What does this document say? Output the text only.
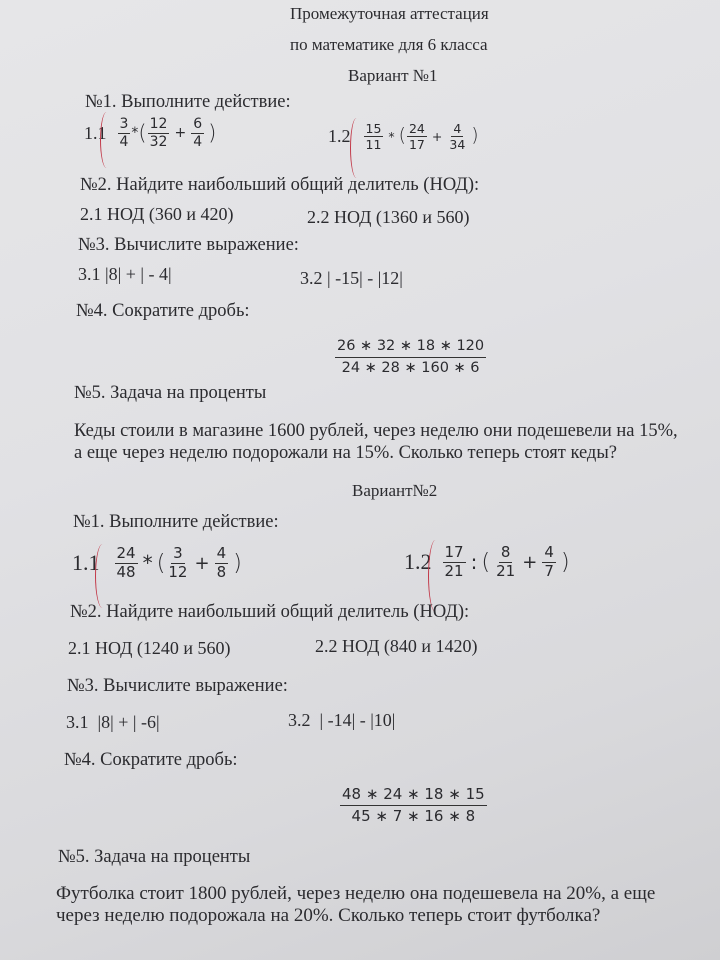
Промежуточная аттестация
по математике для 6 класса
Вариант №1
№1. Выполните действие:
$1.1 \frac{3}{4}$ * ( $\frac{12}{32} + \frac{6}{4}$ )	$1.2 \frac{15}{11}$ * ( $\frac{24}{17} + \frac{4}{34}$ )
№2. Найдите наибольший общий делитель (НОД):
2.1 НОД (360 и 420)	2.2 НОД (1360 и 560)
№3. Вычислите выражение:
3.1 |8| + | - 4|	3.2 | -15| - |12|
№4. Сократите дробь:
$\frac{26 ∗ 32 ∗ 18 ∗ 120}{24 ∗ 28 ∗ 160 ∗ 6}$
№5. Задача на проценты
Кеды стоили в магазине 1600 рублей, через неделю они подешевели на 15%,
а еще через неделю подорожали на 15%. Сколько теперь стоят кеды?
Вариант№2
№1. Выполните действие:
$1.1 \frac{24}{48}$ * ( $\frac{3}{12} + \frac{4}{8}$ )	$1.2 \frac{17}{21}$ : ( $\frac{8}{21} + \frac{4}{7}$ )
№2. Найдите наибольший общий делитель (НОД):
2.1 НОД (1240 и 560)	2.2 НОД (840 и 1420)
№3. Вычислите выражение:
3.1  |8| + | -6|	3.2  | -14| - |10|
№4. Сократите дробь:
$\frac{48 ∗ 24 ∗ 18 ∗ 15}{45 ∗ 7 ∗ 16 ∗ 8}$
№5. Задача на проценты
Футболка стоит 1800 рублей, через неделю она подешевела на 20%, а еще
через неделю подорожала на 20%. Сколько теперь стоит футболка?
